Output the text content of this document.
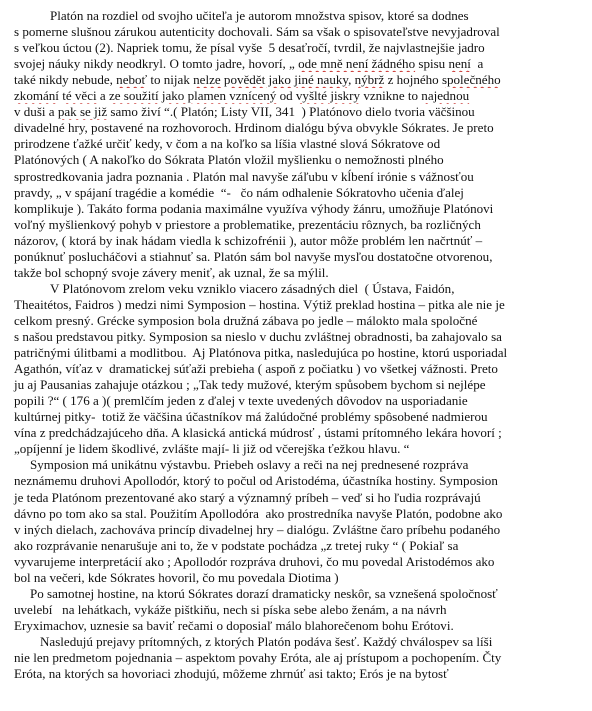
Platón na rozdiel od svojho učiteľa je autorom množstva spisov, ktoré sa dodnes
s pomerne slušnou zárukou autenticity dochovali. Sám sa však o spisovateľstve nevyjadroval
s veľkou úctou (2). Napriek tomu, že písal vyše  5 desaťročí, tvrdil, že najvlastnejšie jadro
svojej náuky nikdy neodkryl. O tomto jadre, hovorí, „ ode mně není žádného spisu není  a
také nikdy nebude, neboť to nijak nelze povědět jako jiné nauky, nýbrž z hojného společného
zkomání té věci a ze soužití jako plamen vznícený od vyšlté jiskry vznikne to najednou
v duši a pak se již samo živí “.( Platón; Listy VII, 341  ) Platónovo dielo tvoria väčšinou
divadelné hry, postavené na rozhovoroch. Hrdinom dialógu býva obvykle Sókrates. Je preto
prirodzene ťažké určiť kedy, v čom a na koľko sa líšia vlastné slová Sókratove od
Platónových ( A nakoľko do Sókrata Platón vložil myšlienku o nemožnosti plného
sprostredkovania jadra poznania . Platón mal navyše záľubu v kĺbení irónie s vážnosťou
pravdy, „ v spájaní tragédie a komédie  “-   čo nám odhalenie Sókratovho učenia ďalej
komplikuje ). Takáto forma podania maximálne využíva výhody žánru, umožňuje Platónovi
voľný myšlienkový pohyb v priestore a problematike, prezentáciu rôznych, ba rozličných
názorov, ( ktorá by inak hádam viedla k schizofrénii ), autor môže problém len načrtnúť –
ponúknuť poslucháčovi a stiahnuť sa. Platón sám bol navyše mysľou dostatočne otvorenou,
takže bol schopný svoje závery meniť, ak uznal, že sa mýlil.
V Platónovom zrelom veku vzniklo viacero zásadných diel  ( Ústava, Faidón,
Theaitétos, Faidros ) medzi nimi Symposion – hostina. Výtiž preklad hostina – pitka ale nie je
celkom presný. Grécke symposion bola družná zábava po jedle – málokto mala spoločné
s našou predstavou pitky. Symposion sa nieslo v duchu zvláštnej obradnosti, ba zahajovalo sa
patričnými úlitbami a modlitbou.  Aj Platónova pitka, nasledujúca po hostine, ktorú usporiadal
Agathón, víťaz v  dramatickej súťaži prebieha ( aspoň z počiatku ) vo všetkej vážnosti. Preto
ju aj Pausanias zahajuje otázkou ; „Tak tedy mužové, kterým spůsobem bychom si nejlépe
popili ?“ ( 176 a )( premlčím jeden z ďalej v texte uvedených dôvodov na usporiadanie
kultúrnej pitky-  totiž že väčšina účastníkov má žalúdočné problémy spôsobené nadmierou
vína z predchádzajúceho dňa. A klasická antická múdrosť , ústami prítomného lekára hovorí ;
„opíjenní je lidem škodlivé, zvlášte mají- li již od včerejška ťežkou hlavu. “
Symposion má unikátnu výstavbu. Priebeh oslavy a reči na nej prednesené rozpráva
neznámemu druhovi Apollodór, ktorý to počul od Aristodéma, účastníka hostiny. Symposion
je teda Platónom prezentované ako starý a významný príbeh – veď si ho ľudia rozprávajú
dávno po tom ako sa stal. Použitím Apollodóra  ako prostredníka navyše Platón, podobne ako
v iných dielach, zachováva princíp divadelnej hry – dialógu. Zvláštne čaro príbehu podaného
ako rozprávanie nenarušuje ani to, že v podstate pochádza „z tretej ruky “ ( Pokiaľ sa
vyvarujeme interpretácií ako ; Apollodór rozpráva druhovi, čo mu povedal Aristodémos ako
bol na večeri, kde Sókrates hovoril, čo mu povedala Diotima )
Po samotnej hostine, na ktorú Sókrates dorazí dramaticky neskôr, sa vznešená spoločnosť
uvelebí   na lehátkach, vykáže pištkiňu, nech si píska sebe alebo ženám, a na návrh
Eryximachov, uznesie sa baviť rečami o doposiaľ málo blahorečenom bohu Erótovi.
Nasledujú prejavy prítomných, z ktorých Platón podáva šesť. Každý chválospev sa líši
nie len predmetom pojednania – aspektom povahy Eróta, ale aj prístupom a pochopením. Čty
Eróta, na ktorých sa hovoriaci zhodujú, môžeme zhrnúť asi takto; Erós je na bytosť
